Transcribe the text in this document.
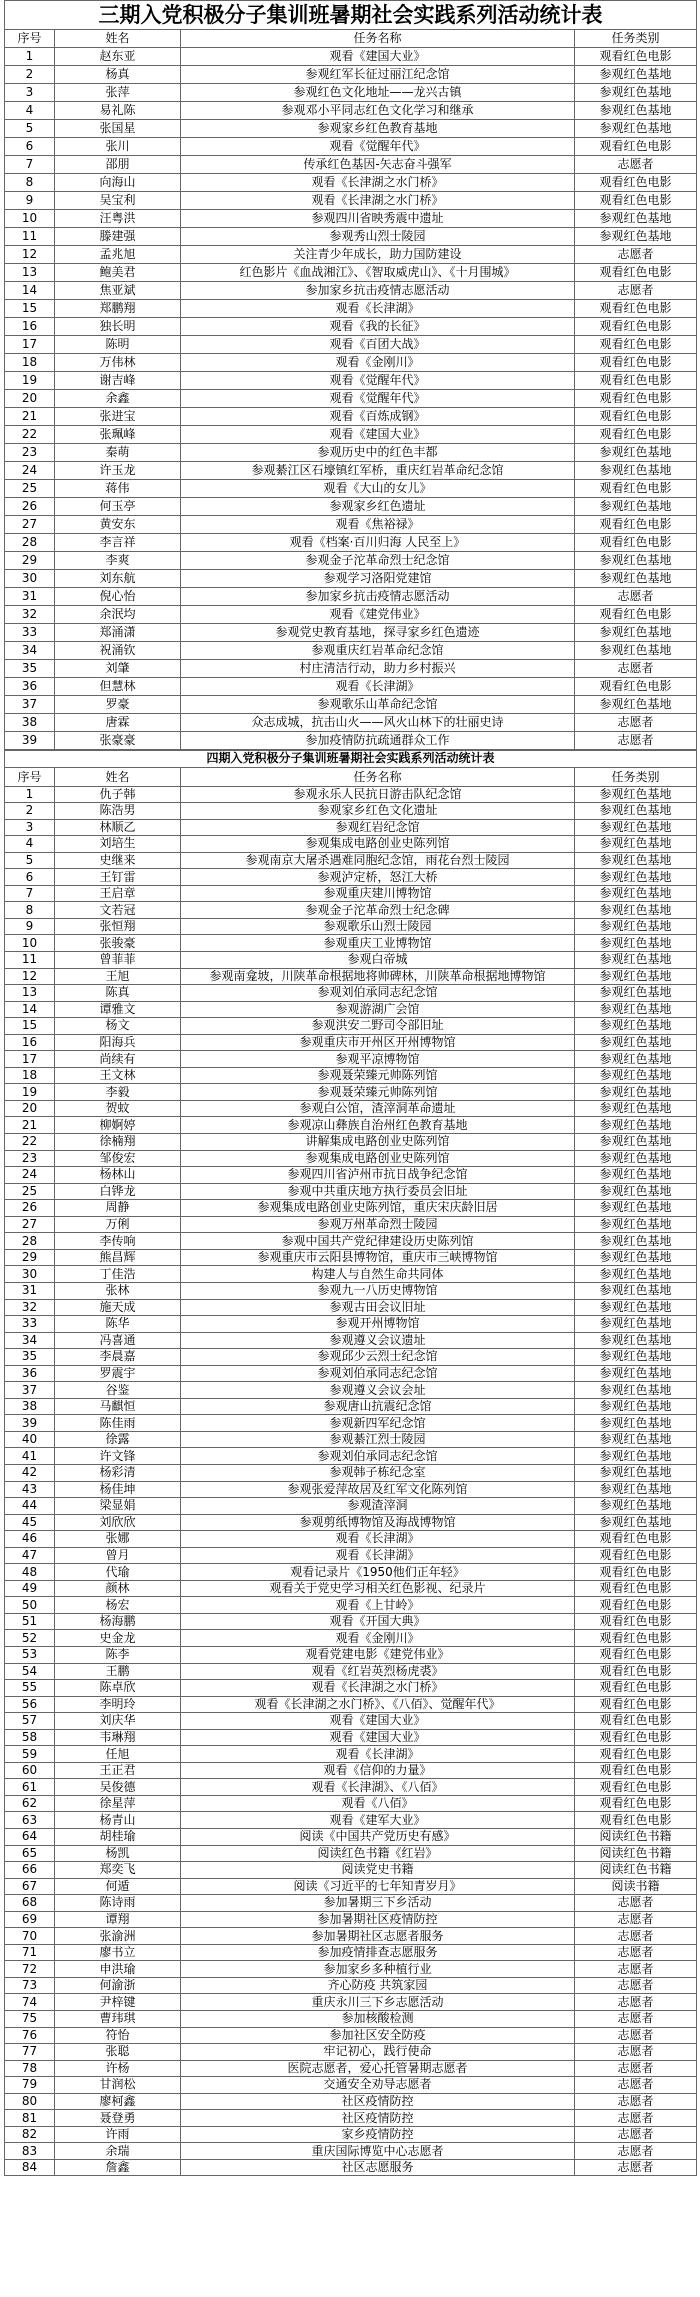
三期入党积极分子集训班暑期社会实践系列活动统计表			
序号	姓名	任务名称	任务类别
1	赵东亚	观看《建国大业》	观看红色电影
2	杨真	参观红军长征过丽江纪念馆	参观红色基地
3	张萍	参观红色文化地址——龙兴古镇	参观红色基地
4	易礼陈	参观邓小平同志红色文化学习和继承	参观红色基地
5	张国星	参观家乡红色教育基地	参观红色基地
6	张川	观看《觉醒年代》	观看红色电影
7	邵朋	传承红色基因-矢志奋斗强军	志愿者
8	向海山	观看《长津湖之水门桥》	观看红色电影
9	吴宝利	观看《长津湖之水门桥》	观看红色电影
10	汪粤洪	参观四川省映秀震中遗址	参观红色基地
11	滕建强	参观秀山烈士陵园	参观红色基地
12	孟兆旭	关注青少年成长，助力国防建设	志愿者
13	鲍美君	红色影片《血战湘江》、《智取威虎山》、《十月围城》	观看红色电影
14	焦亚斌	参加家乡抗击疫情志愿活动	志愿者
15	郑鹏翔	观看《长津湖》	观看红色电影
16	独长明	观看《我的长征》	观看红色电影
17	陈明	观看《百团大战》	观看红色电影
18	万伟林	观看《金刚川》	观看红色电影
19	谢吉峰	观看《觉醒年代》	观看红色电影
20	余鑫	观看《觉醒年代》	观看红色电影
21	张进宝	观看《百炼成钢》	观看红色电影
22	张珮峰	观看《建国大业》	观看红色电影
23	秦萌	参观历史中的红色丰都	参观红色基地
24	许玉龙	参观綦江区石壕镇红军桥，重庆红岩革命纪念馆	参观红色基地
25	蒋伟	观看《大山的女儿》	观看红色电影
26	何玉亭	参观家乡红色遗址	参观红色基地
27	黄安东	观看《焦裕禄》	观看红色电影
28	李言祥	观看《档案·百川归海 人民至上》	观看红色电影
29	李爽	参观金子沱革命烈士纪念馆	参观红色基地
30	刘东航	参观学习洛阳党建馆	参观红色基地
31	倪心怡	参加家乡抗击疫情志愿活动	志愿者
32	余泯均	观看《建党伟业》	观看红色电影
33	郑涌潇	参观党史教育基地，探寻家乡红色遗迹	参观红色基地
34	祝涌钦	参观重庆红岩革命纪念馆	参观红色基地
35	刘肇	村庄清洁行动，助力乡村振兴	志愿者
36	但慧林	观看《长津湖》	观看红色电影
37	罗豪	参观歌乐山革命纪念馆	参观红色基地
38	唐霖	众志成城，抗击山火——风火山林下的壮丽史诗	志愿者
39	张豪豪	参加疫情防抗疏通群众工作	志愿者
四期入党积极分子集训班暑期社会实践系列活动统计表			
序号	姓名	任务名称	任务类别
1	仇子韩	参观永乐人民抗日游击队纪念馆	参观红色基地
2	陈浩男	参观家乡红色文化遗址	参观红色基地
3	林顺乙	参观红岩纪念馆	参观红色基地
4	刘培生	参观集成电路创业史陈列馆	参观红色基地
5	史继来	参观南京大屠杀遇难同胞纪念馆，雨花台烈士陵园	参观红色基地
6	王钉雷	参观泸定桥，怒江大桥	参观红色基地
7	王启章	参观重庆建川博物馆	参观红色基地
8	文若冠	参观金子沱革命烈士纪念碑	参观红色基地
9	张恒翔	参观歌乐山烈士陵园	参观红色基地
10	张骏豪	参观重庆工业博物馆	参观红色基地
11	曾菲菲	参观白帝城	参观红色基地
12	王旭	参观南龛坡，川陕革命根据地将帅碑林，川陕革命根据地博物馆	参观红色基地
13	陈真	参观刘伯承同志纪念馆	参观红色基地
14	谭雅文	参观游湖广会馆	参观红色基地
15	杨文	参观洪安二野司令部旧址	参观红色基地
16	阳海兵	参观重庆市开州区开州博物馆	参观红色基地
17	尚续有	参观平凉博物馆	参观红色基地
18	王文林	参观聂荣臻元帅陈列馆	参观红色基地
19	李毅	参观聂荣臻元帅陈列馆	参观红色基地
20	贺蚊	参观白公馆，渣滓洞革命遗址	参观红色基地
21	柳婀婷	参观凉山彝族自治州红色教育基地	参观红色基地
22	徐楠翔	讲解集成电路创业史陈列馆	参观红色基地
23	邹俊宏	参观集成电路创业史陈列馆	参观红色基地
24	杨林山	参观四川省泸州市抗日战争纪念馆	参观红色基地
25	白铧龙	参观中共重庆地方执行委员会旧址	参观红色基地
26	周静	参观集成电路创业史陈列馆，重庆宋庆龄旧居	参观红色基地
27	万俐	参观万州革命烈士陵园	参观红色基地
28	李传响	参观中国共产党纪律建设历史陈列馆	参观红色基地
29	熊昌辉	参观重庆市云阳县博物馆，重庆市三峡博物馆	参观红色基地
30	丁佳浩	构建人与自然生命共同体	参观红色基地
31	张林	参观九一八历史博物馆	参观红色基地
32	施天成	参观古田会议旧址	参观红色基地
33	陈华	参观开州博物馆	参观红色基地
34	冯喜通	参观遵义会议遗址	参观红色基地
35	李晨嘉	参观邱少云烈士纪念馆	参观红色基地
36	罗震宇	参观刘伯承同志纪念馆	参观红色基地
37	谷鉴	参观遵义会议会址	参观红色基地
38	马麒恒	参观唐山抗震纪念馆	参观红色基地
39	陈佳雨	参观新四军纪念馆	参观红色基地
40	徐露	参观綦江烈士陵园	参观红色基地
41	许文锋	参观刘伯承同志纪念馆	参观红色基地
42	杨彩清	参观韩子栋纪念室	参观红色基地
43	杨佳坤	参观张爱萍故居及红军文化陈列馆	参观红色基地
44	梁显娟	参观渣滓洞	参观红色基地
45	刘欣欣	参观剪纸博物馆及海战博物馆	参观红色基地
46	张娜	观看《长津湖》	观看红色电影
47	曾月	观看《长津湖》	观看红色电影
48	代瑜	观看记录片《1950他们正年轻》	观看红色电影
49	颜林	观看关于党史学习相关红色影视、纪录片	观看红色电影
50	杨宏	观看《上甘岭》	观看红色电影
51	杨海鹏	观看《开国大典》	观看红色电影
52	史金龙	观看《金刚川》	观看红色电影
53	陈李	观看党建电影《建党伟业》	观看红色电影
54	王鹏	观看《红岩英烈杨虎裘》	观看红色电影
55	陈卓欣	观看《长津湖之水门桥》	观看红色电影
56	李明玲	观看《长津湖之水门桥》、《八佰》、觉醒年代》	观看红色电影
57	刘庆华	观看《建国大业》	观看红色电影
58	韦琳翔	观看《建国大业》	观看红色电影
59	任旭	观看《长津湖》	观看红色电影
60	王正君	观看《信仰的力量》	观看红色电影
61	吴俊德	观看《长津湖》、《八佰》	观看红色电影
62	徐星萍	观看《八佰》	观看红色电影
63	杨青山	观看《建军大业》	观看红色电影
64	胡桂瑜	阅读《中国共产党历史有感》	阅读红色书籍
65	杨凯	阅读红色书籍《红岩》	阅读红色书籍
66	郑奕飞	阅读党史书籍	阅读红色书籍
67	何遁	阅读《习近平的七年知青岁月》	阅读书籍
68	陈诗雨	参加暑期三下乡活动	志愿者
69	谭翔	参加暑期社区疫情防控	志愿者
70	张渝洲	参加暑期社区志愿者服务	志愿者
71	廖书立	参加疫情排查志愿服务	志愿者
72	申洪瑜	参加家乡多种植行业	志愿者
73	何渝浙	齐心防疫 共筑家园	志愿者
74	尹梓键	重庆永川三下乡志愿活动	志愿者
75	曹玮琪	参加核酸检测	志愿者
76	符怡	参加社区安全防疫	志愿者
77	张聪	牢记初心，践行使命	志愿者
78	许杨	医院志愿者，爱心托管暑期志愿者	志愿者
79	甘润松	交通安全劝导志愿者	志愿者
80	廖柯鑫	社区疫情防控	志愿者
81	聂登勇	社区疫情防控	志愿者
82	许雨	家乡疫情防控	志愿者
83	余瑞	重庆国际博览中心志愿者	志愿者
84	詹鑫	社区志愿服务	志愿者
